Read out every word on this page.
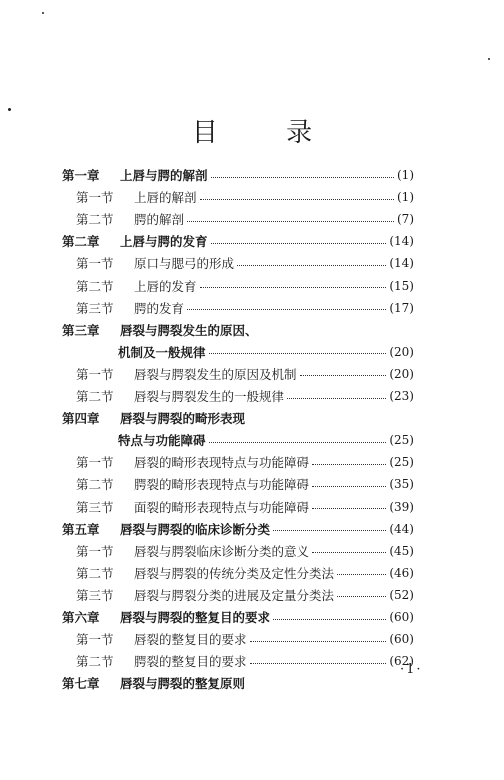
目 录
第一章	上唇与腭的解剖	(1)
第一节	上唇的解剖	(1)
第二节	腭的解剖	(7)
第二章	上唇与腭的发育	(14)
第一节	原口与腮弓的形成	(14)
第二节	上唇的发育	(15)
第三节	腭的发育	(17)
第三章	唇裂与腭裂发生的原因、
机制及一般规律	(20)
第一节	唇裂与腭裂发生的原因及机制	(20)
第二节	唇裂与腭裂发生的一般规律	(23)
第四章	唇裂与腭裂的畸形表现
特点与功能障碍	(25)
第一节	唇裂的畸形表现特点与功能障碍	(25)
第二节	腭裂的畸形表现特点与功能障碍	(35)
第三节	面裂的畸形表现特点与功能障碍	(39)
第五章	唇裂与腭裂的临床诊断分类	(44)
第一节	唇裂与腭裂临床诊断分类的意义	(45)
第二节	唇裂与腭裂的传统分类及定性分类法	(46)
第三节	唇裂与腭裂分类的进展及定量分类法	(52)
第六章	唇裂与腭裂的整复目的要求	(60)
第一节	唇裂的整复目的要求	(60)
第二节	腭裂的整复目的要求	(62)
第七章	唇裂与腭裂的整复原则
·1·
